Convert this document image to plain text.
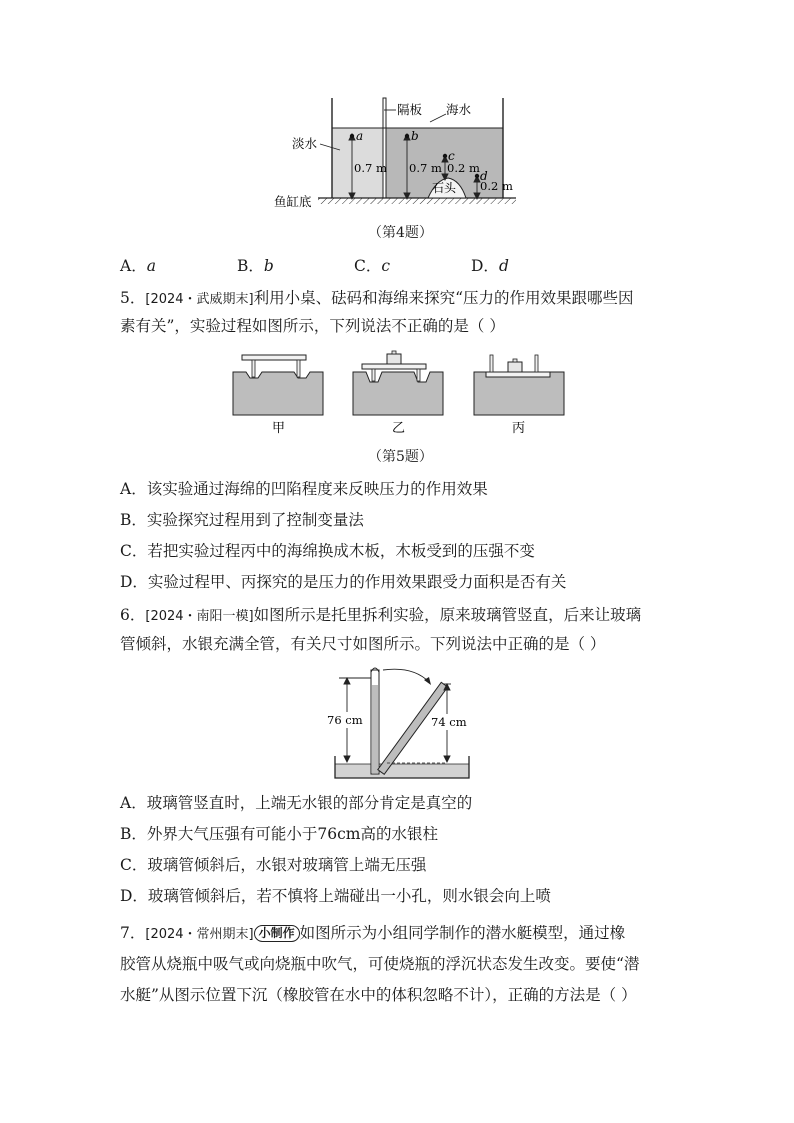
a	b
c
d
0.7 m 0.7 m 0.2 m
0.2 m
隔板 海水
淡水
鱼缸底
石头
（第4题）
A．a	B．b	C．c	D．d
5．[2024・武威期末]利用小桌、砝码和海绵来探究“压力的作用效果跟哪些因
素有关”，实验过程如图所示，下列说法不正确的是（ ）
甲	乙	丙
（第5题）
A．该实验通过海绵的凹陷程度来反映压力的作用效果
B．实验探究过程用到了控制变量法
C．若把实验过程丙中的海绵换成木板，木板受到的压强不变
D．实验过程甲、丙探究的是压力的作用效果跟受力面积是否有关
6．[2024・南阳一模]如图所示是托里拆利实验，原来玻璃管竖直，后来让玻璃
管倾斜，水银充满全管，有关尺寸如图所示。下列说法中正确的是（ ）
76 cm	74 cm
A．玻璃管竖直时，上端无水银的部分肯定是真空的
B．外界大气压强有可能小于76cm高的水银柱
C．玻璃管倾斜后，水银对玻璃管上端无压强
D．玻璃管倾斜后，若不慎将上端碰出一小孔，则水银会向上喷
7．[2024・常州期末] 小制作 如图所示为小组同学制作的潜水艇模型，通过橡
胶管从烧瓶中吸气或向烧瓶中吹气，可使烧瓶的浮沉状态发生改变。要使“潜
水艇”从图示位置下沉（橡胶管在水中的体积忽略不计），正确的方法是（ ）
